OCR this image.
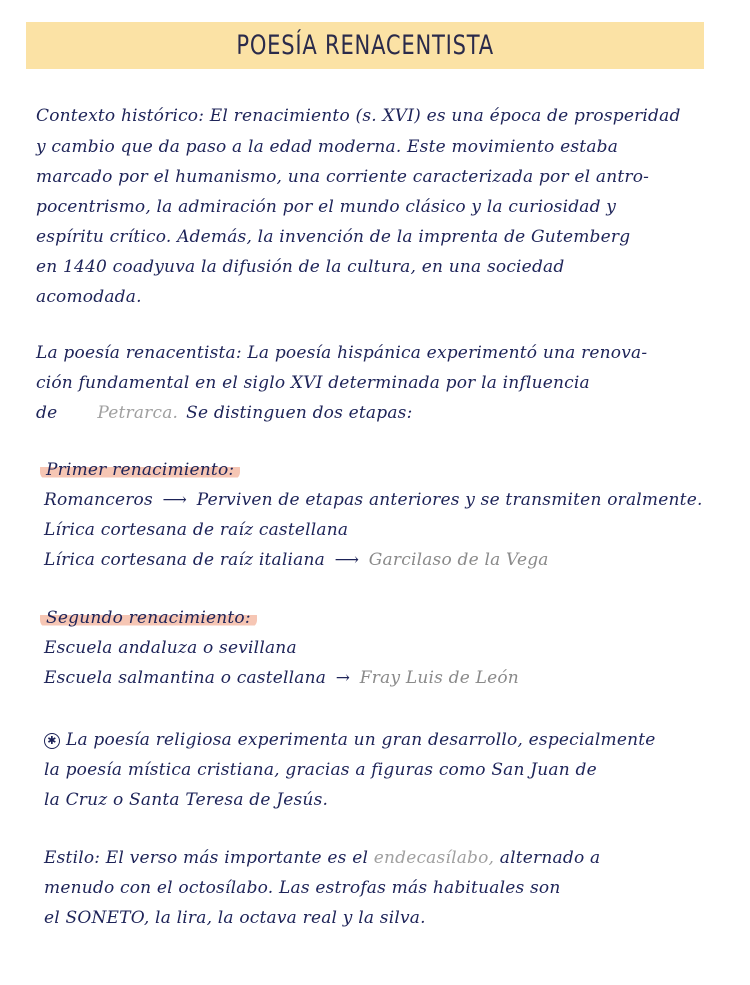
POESÍA RENACENTISTA
Contexto histórico: El renacimiento (s. XVI) es una época de prosperidad
y cambio que da paso a la edad moderna. Este movimiento estaba
marcado por el humanismo, una corriente caracterizada por el antro-
pocentrismo, la admiración por el mundo clásico y la curiosidad y
espíritu crítico. Además, la invención de la imprenta de Gutemberg
en 1440 coadyuva la difusión de la cultura, en una sociedad
acomodada.
La poesía renacentista: La poesía hispánica experimentó una renova-
ción fundamental en el siglo XVI determinada por la influencia
de Petrarca. Se distinguen dos etapas:
Primer renacimiento:
Romanceros ⟶ Perviven de etapas anteriores y se transmiten oralmente.
Lírica cortesana de raíz castellana
Lírica cortesana de raíz italiana ⟶ Garcilaso de la Vega
Segundo renacimiento:
Escuela andaluza o sevillana
Escuela salmantina o castellana → Fray Luis de León
✱ La poesía religiosa experimenta un gran desarrollo, especialmente
la poesía mística cristiana, gracias a figuras como San Juan de
la Cruz o Santa Teresa de Jesús.
Estilo: El verso más importante es el endecasílabo, alternado a
menudo con el octosílabo. Las estrofas más habituales son
el SONETO, la lira, la octava real y la silva.
